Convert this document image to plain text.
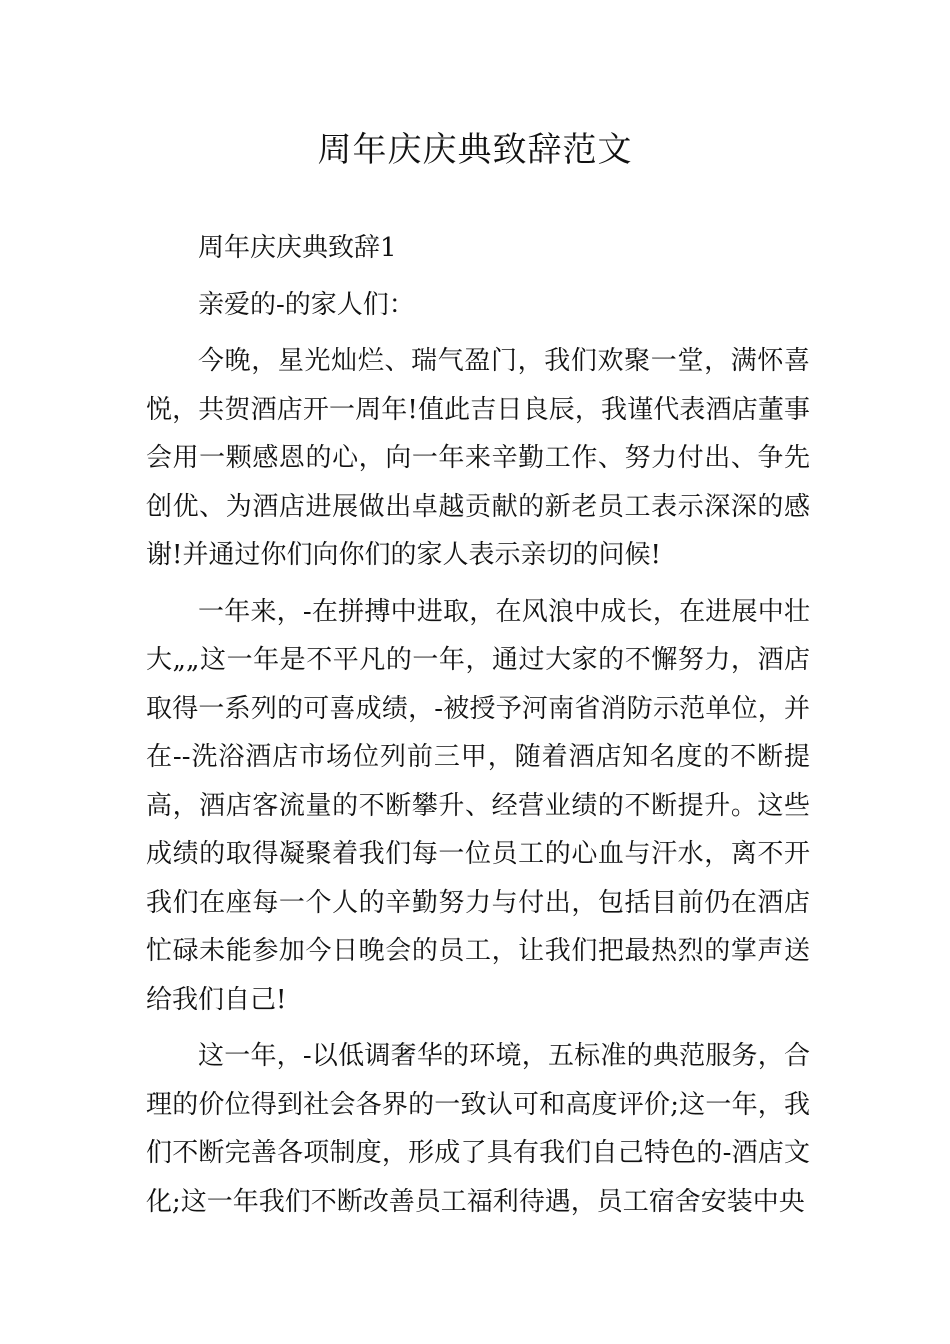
周年庆庆典致辞范文

周年庆庆典致辞1

亲爱的-的家人们：

今晚，星光灿烂、瑞气盈门，我们欢聚一堂，满怀喜悦，共贺酒店开一周年!值此吉日良辰，我谨代表酒店董事会用一颗感恩的心，向一年来辛勤工作、努力付出、争先创优、为酒店进展做出卓越贡献的新老员工表示深深的感谢!并通过你们向你们的家人表示亲切的问候!

一年来，-在拼搏中进取，在风浪中成长，在进展中壮大„„这一年是不平凡的一年，通过大家的不懈努力，酒店取得一系列的可喜成绩，-被授予河南省消防示范单位，并在--洗浴酒店市场位列前三甲，随着酒店知名度的不断提高，酒店客流量的不断攀升、经营业绩的不断提升。这些成绩的取得凝聚着我们每一位员工的心血与汗水，离不开我们在座每一个人的辛勤努力与付出，包括目前仍在酒店忙碌未能参加今日晚会的员工，让我们把最热烈的掌声送给我们自己!

这一年，-以低调奢华的环境，五标准的典范服务，合理的价位得到社会各界的一致认可和高度评价;这一年，我们不断完善各项制度，形成了具有我们自己特色的-酒店文化;这一年我们不断改善员工福利待遇，员工宿舍安装中央
